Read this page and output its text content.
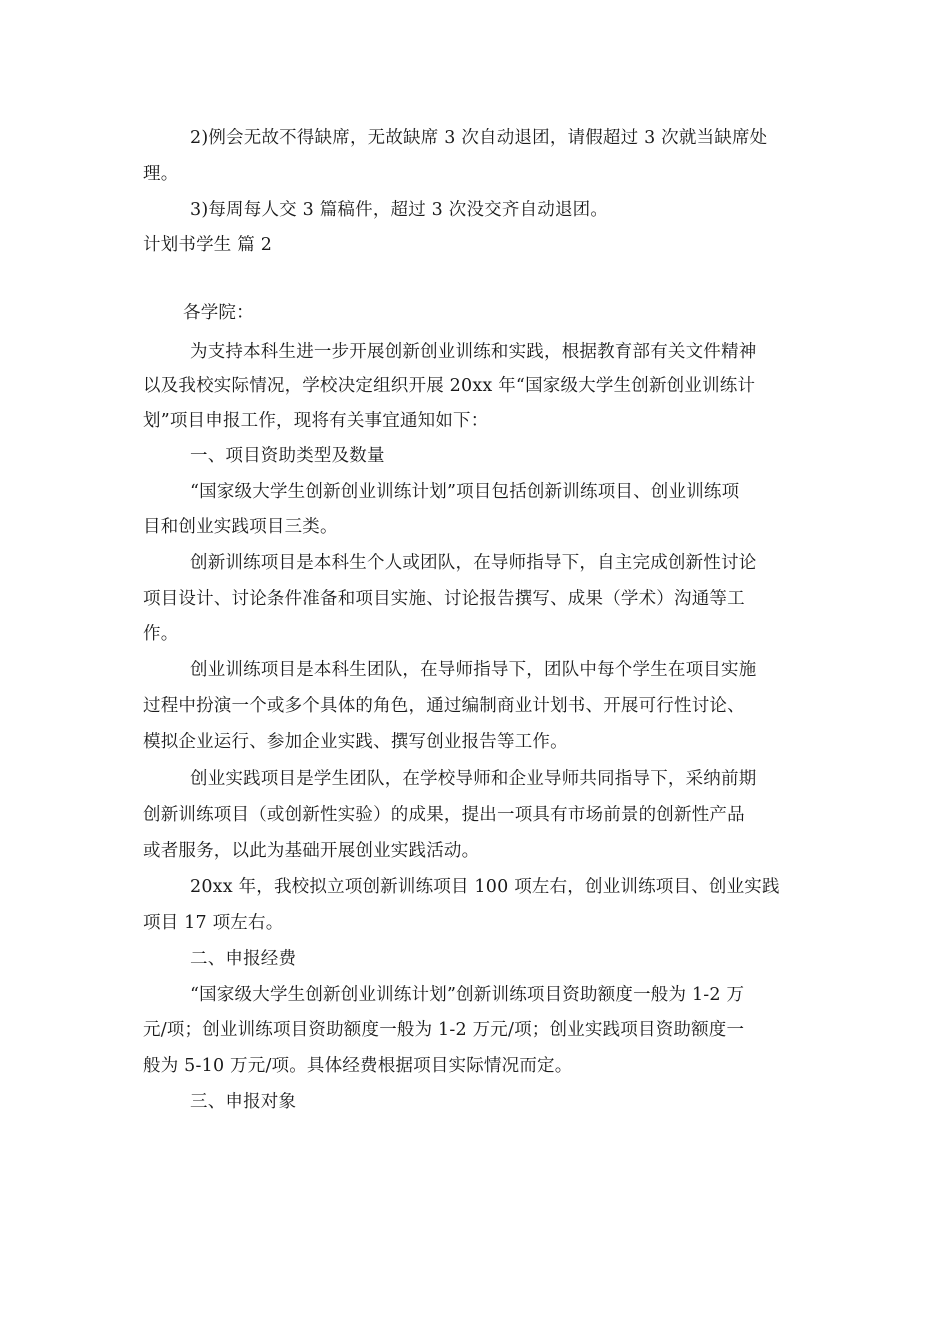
2)例会无故不得缺席，无故缺席 3 次自动退团，请假超过 3 次就当缺席处
理。
3)每周每人交 3 篇稿件，超过 3 次没交齐自动退团。
计划书学生 篇 2
各学院：
为支持本科生进一步开展创新创业训练和实践，根据教育部有关文件精神
以及我校实际情况，学校决定组织开展 20xx 年“国家级大学生创新创业训练计
划”项目申报工作，现将有关事宜通知如下：
一、项目资助类型及数量
“国家级大学生创新创业训练计划”项目包括创新训练项目、创业训练项
目和创业实践项目三类。
创新训练项目是本科生个人或团队，在导师指导下，自主完成创新性讨论
项目设计、讨论条件准备和项目实施、讨论报告撰写、成果（学术）沟通等工
作。
创业训练项目是本科生团队，在导师指导下，团队中每个学生在项目实施
过程中扮演一个或多个具体的角色，通过编制商业计划书、开展可行性讨论、
模拟企业运行、参加企业实践、撰写创业报告等工作。
创业实践项目是学生团队，在学校导师和企业导师共同指导下，采纳前期
创新训练项目（或创新性实验）的成果，提出一项具有市场前景的创新性产品
或者服务，以此为基础开展创业实践活动。
20xx 年，我校拟立项创新训练项目 100 项左右，创业训练项目、创业实践
项目 17 项左右。
二、申报经费
“国家级大学生创新创业训练计划”创新训练项目资助额度一般为 1-2 万
元/项；创业训练项目资助额度一般为 1-2 万元/项；创业实践项目资助额度一
般为 5-10 万元/项。具体经费根据项目实际情况而定。
三、申报对象
